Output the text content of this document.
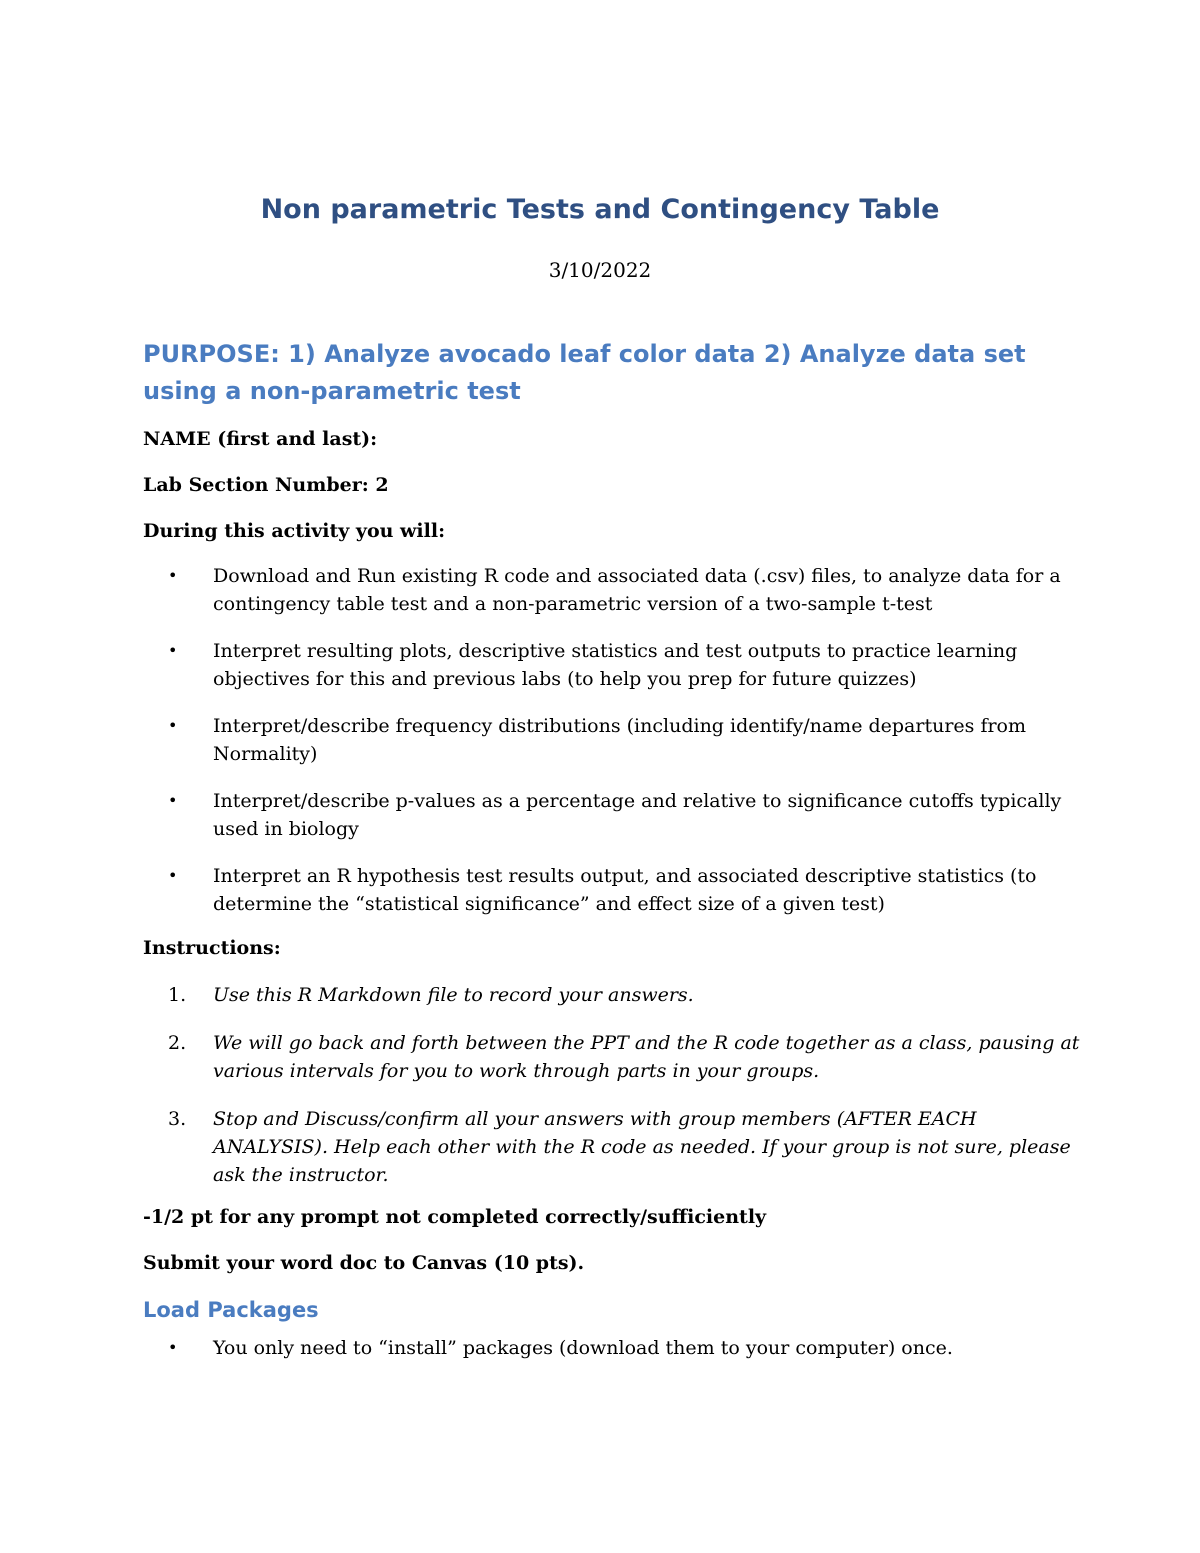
Non parametric Tests and Contingency Table

3/10/2022

PURPOSE: 1) Analyze avocado leaf color data 2) Analyze data set using a non-parametric test

NAME (first and last):

Lab Section Number: 2

During this activity you will:

• Download and Run existing R code and associated data (.csv) files, to analyze data for a contingency table test and a non-parametric version of a two-sample t-test
• Interpret resulting plots, descriptive statistics and test outputs to practice learning objectives for this and previous labs (to help you prep for future quizzes)
• Interpret/describe frequency distributions (including identify/name departures from Normality)
• Interpret/describe p-values as a percentage and relative to significance cutoffs typically used in biology
• Interpret an R hypothesis test results output, and associated descriptive statistics (to determine the “statistical significance” and effect size of a given test)

Instructions:

1. Use this R Markdown file to record your answers.
2. We will go back and forth between the PPT and the R code together as a class, pausing at various intervals for you to work through parts in your groups.
3. Stop and Discuss/confirm all your answers with group members (AFTER EACH ANALYSIS). Help each other with the R code as needed. If your group is not sure, please ask the instructor.

-1/2 pt for any prompt not completed correctly/sufficiently

Submit your word doc to Canvas (10 pts).

Load Packages
• You only need to “install” packages (download them to your computer) once.
